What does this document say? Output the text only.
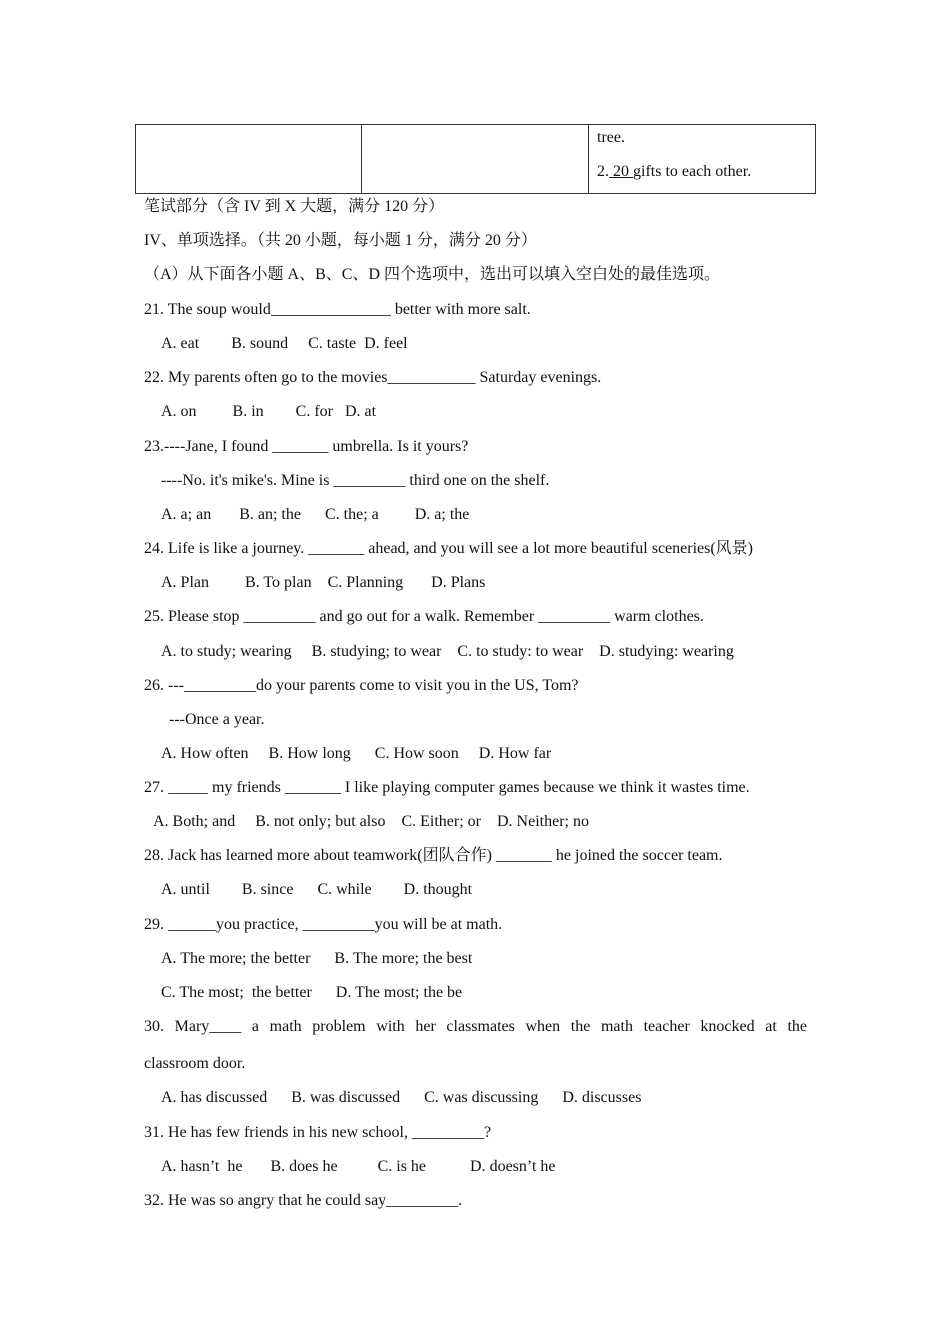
tree.
2. 20 gifts to each other.
笔试部分（含 IV 到 X 大题，满分 120 分）
IV、单项选择。（共 20 小题，每小题 1 分，满分 20 分）
（A）从下面各小题 A、B、C、D 四个选项中，选出可以填入空白处的最佳选项。
21. The soup would_______________ better with more salt.
A. eat        B. sound     C. taste  D. feel
22. My parents often go to the movies___________ Saturday evenings.
A. on         B. in        C. for   D. at
23.----Jane, I found _______ umbrella. Is it yours?
----No. it's mike's. Mine is _________ third one on the shelf.
A. a; an       B. an; the      C. the; a         D. a; the
24. Life is like a journey. _______ ahead, and you will see a lot more beautiful sceneries(风景)
A. Plan         B. To plan    C. Planning       D. Plans
25. Please stop _________ and go out for a walk. Remember _________ warm clothes.
A. to study; wearing     B. studying; to wear    C. to study: to wear    D. studying: wearing
26. ---_________do your parents come to visit you in the US, Tom?
---Once a year.
A. How often     B. How long      C. How soon     D. How far
27. _____ my friends _______ I like playing computer games because we think it wastes time.
A. Both; and     B. not only; but also    C. Either; or    D. Neither; no
28. Jack has learned more about teamwork(团队合作) _______ he joined the soccer team.
A. until        B. since      C. while        D. thought
29. ______you practice, _________you will be at math.
A. The more; the better      B. The more; the best
C. The most;  the better      D. The most; the be
30. Mary____ a math problem with her classmates when the math teacher knocked at the
classroom door.
A. has discussed      B. was discussed      C. was discussing      D. discusses
31. He has few friends in his new school, _________?
A. hasn’t  he       B. does he          C. is he           D. doesn’t he
32. He was so angry that he could say_________.
